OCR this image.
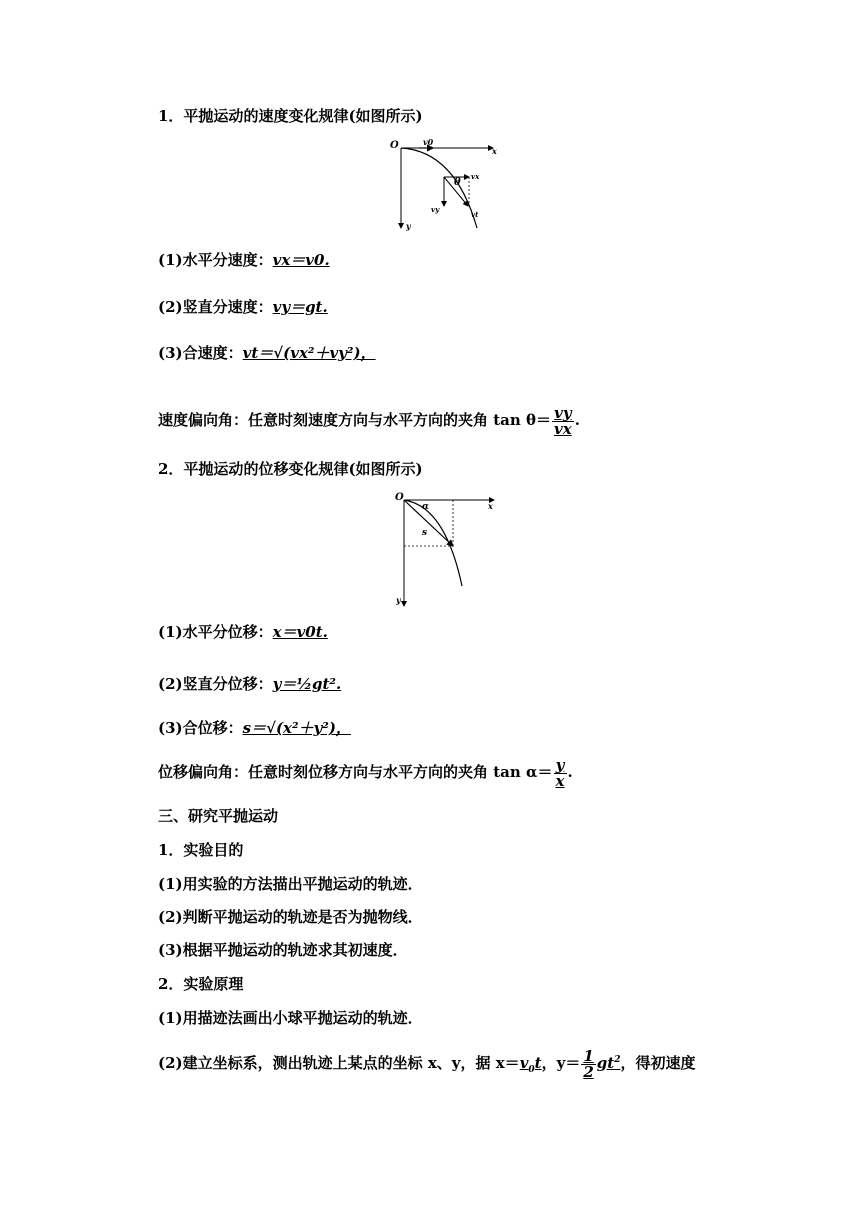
1．平抛运动的速度变化规律(如图所示)
O	v0
x
y
θ
vx
vy
vt
(1)水平分速度：vx＝v0.
(2)竖直分速度：vy＝gt.
(3)合速度：vt＝√(vx²＋vy²)，
速度偏向角：任意时刻速度方向与水平方向的夹角 $\tan \theta= \frac{vy}{vx}$ .
2．平抛运动的位移变化规律(如图所示)
O
α	x
y
s
(1)水平分位移：x＝v0t.
(2)竖直分位移：y＝½gt².
(3)合位移：s＝√(x²＋y²)，
位移偏向角：任意时刻位移方向与水平方向的夹角 $\tan \alpha= \frac{y}{x}$ .
三、研究平抛运动
1．实验目的
(1)用实验的方法描出平抛运动的轨迹．
(2)判断平抛运动的轨迹是否为抛物线．
(3)根据平抛运动的轨迹求其初速度．
2．实验原理
(1)用描迹法画出小球平抛运动的轨迹．
(2)建立坐标系，测出轨迹上某点的坐标 x、y，据 $x=v_0t$，$y= \frac{1}{2} gt^2$，得初速度
